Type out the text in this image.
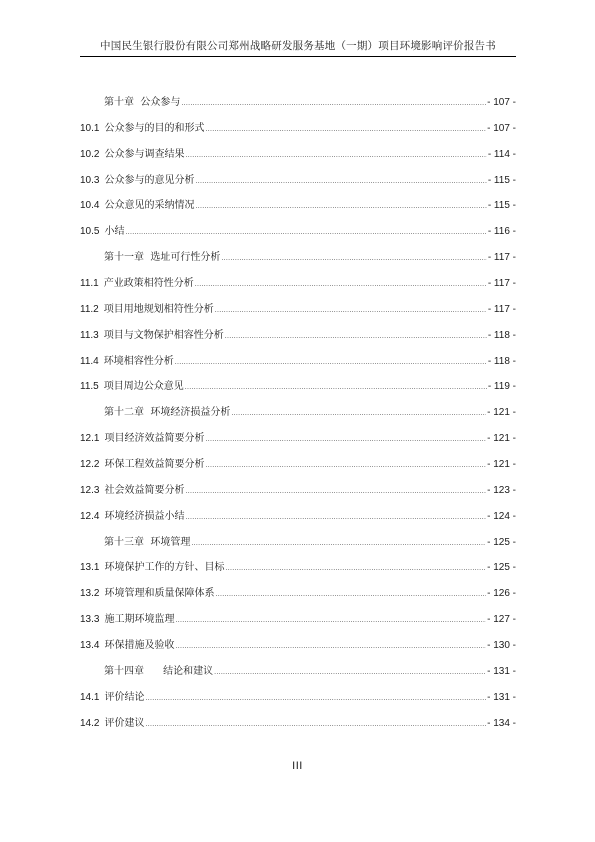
中国民生银行股份有限公司郑州战略研发服务基地（一期）项目环境影响评价报告书
第十章  公众参与 .....	- 107 -
10.1 公众参与的目的和形式 .....	- 107 -
10.2 公众参与调查结果 .....	- 114 -
10.3 公众参与的意见分析 .....	- 115 -
10.4 公众意见的采纳情况 .....	- 115 -
10.5 小结 .....	- 116 -
第十一章  选址可行性分析 .....	- 117 -
11.1 产业政策相符性分析 .....	- 117 -
11.2 项目用地规划相符性分析 .....	- 117 -
11.3 项目与文物保护相容性分析 .....	- 118 -
11.4 环境相容性分析 .....	- 118 -
11.5 项目周边公众意见 .....	- 119 -
第十二章  环境经济损益分析 .....	- 121 -
12.1 项目经济效益简要分析 .....	- 121 -
12.2 环保工程效益简要分析 .....	- 121 -
12.3 社会效益简要分析 .....	- 123 -
12.4 环境经济损益小结 .....	- 124 -
第十三章  环境管理 .....	- 125 -
13.1 环境保护工作的方针、目标 .....	- 125 -
13.2 环境管理和质量保障体系 .....	- 126 -
13.3 施工期环境监理 .....	- 127 -
13.4 环保措施及验收 .....	- 130 -
第十四章      结论和建议 .....	- 131 -
14.1 评价结论 .....	- 131 -
14.2 评价建议 .....	- 134 -
III
